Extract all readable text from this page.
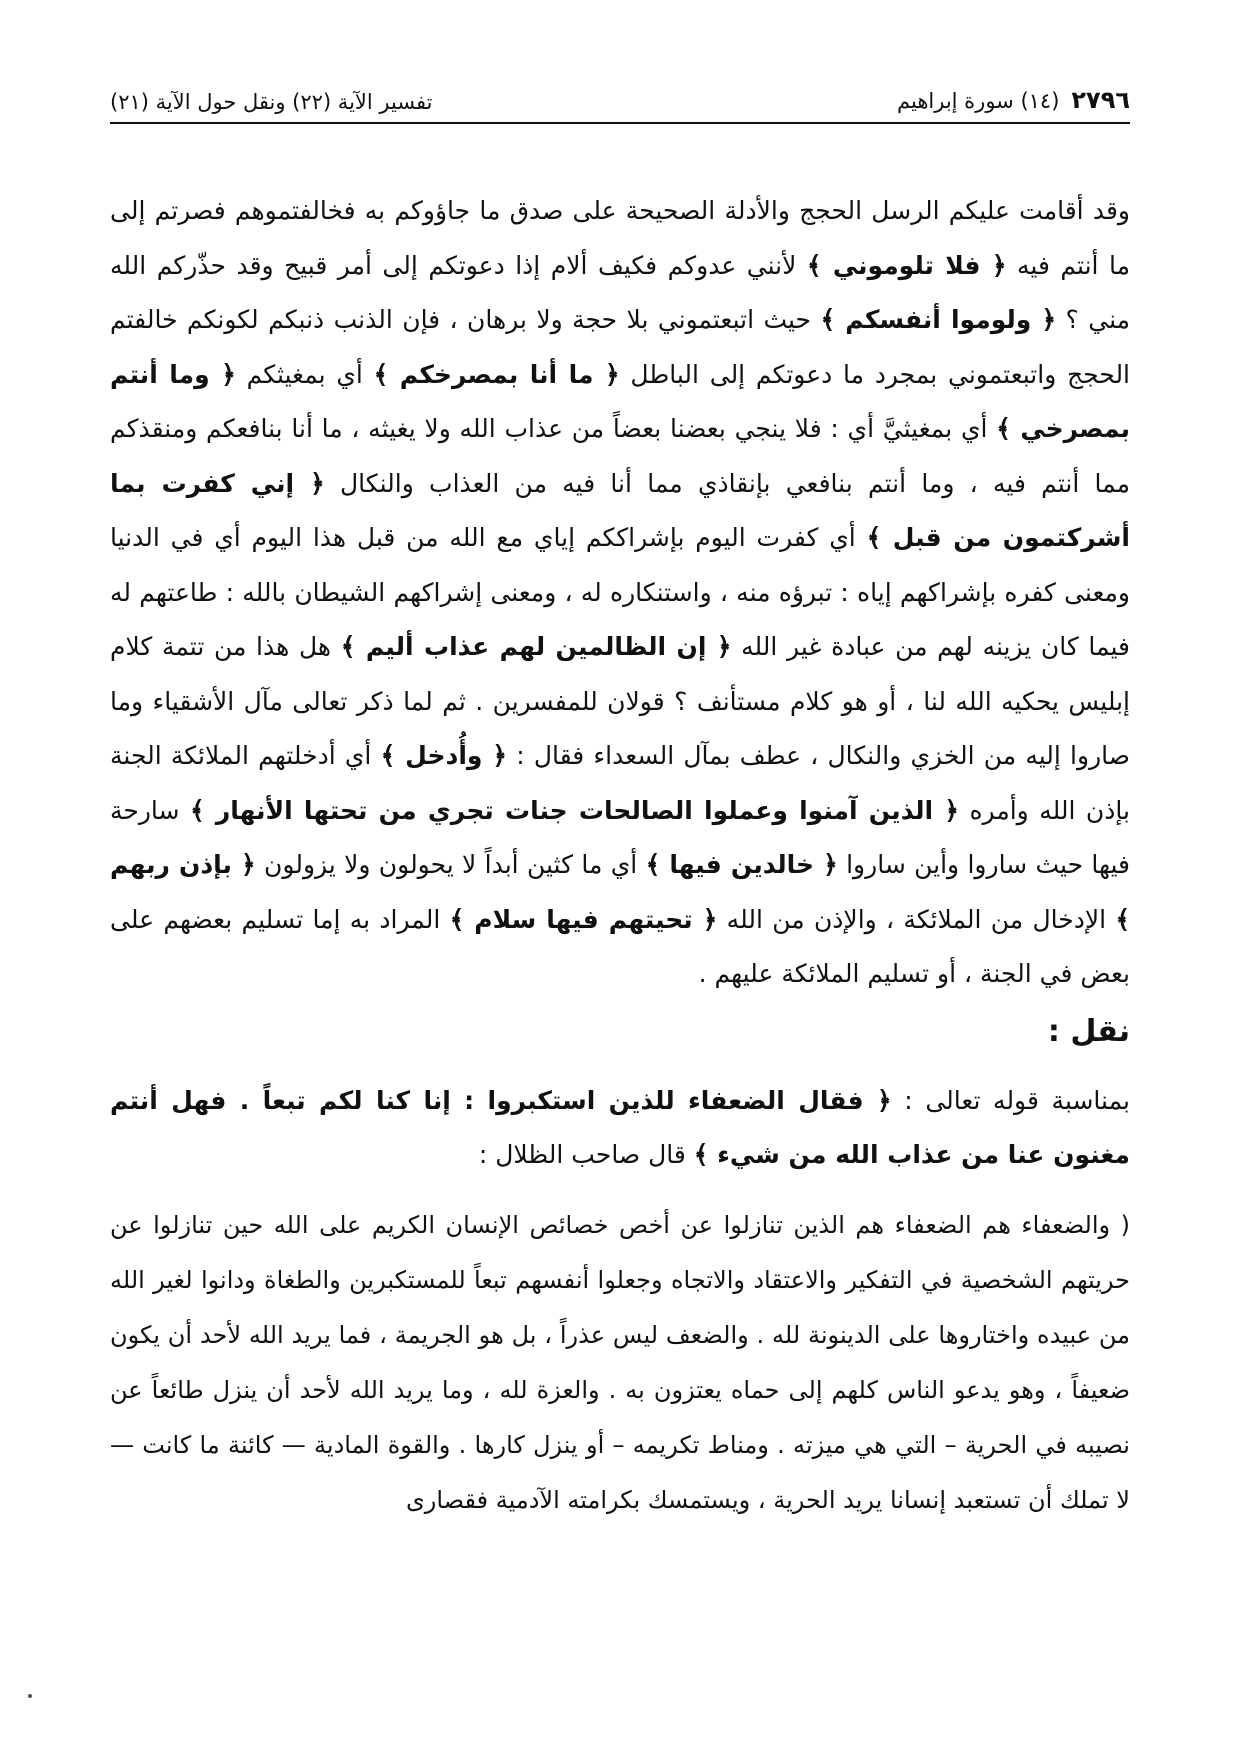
٢٧٩٦
(١٤) سورة إبراهيم
تفسير الآية (٢٢) ونقل حول الآية (٢١)

وقد أقامت عليكم الرسل الحجج والأدلة الصحيحة على صدق ما جاؤوكم به فخالفتموهم فصرتم إلى ما أنتم فيه ﴿ فلا تلوموني ﴾ لأنني عدوكم فكيف ألام إذا دعوتكم إلى أمر قبيح وقد حذّركم الله مني ؟ ﴿ ولوموا أنفسكم ﴾ حيث اتبعتموني بلا حجة ولا برهان ، فإن الذنب ذنبكم لكونكم خالفتم الحجج واتبعتموني بمجرد ما دعوتكم إلى الباطل ﴿ ما أنا بمصرخكم ﴾ أي بمغيثكم ﴿ وما أنتم بمصرخي ﴾ أي بمغيثيَّ أي : فلا ينجي بعضنا بعضاً من عذاب الله ولا يغيثه ، ما أنا بنافعكم ومنقذكم مما أنتم فيه ، وما أنتم بنافعي بإنقاذي مما أنا فيه من العذاب والنكال ﴿ إني كفرت بما أشركتمون من قبل ﴾ أي كفرت اليوم بإشراككم إياي مع الله من قبل هذا اليوم أي في الدنيا ومعنى كفره بإشراكهم إياه : تبرؤه منه ، واستنكاره له ، ومعنى إشراكهم الشيطان بالله : طاعتهم له فيما كان يزينه لهم من عبادة غير الله ﴿ إن الظالمين لهم عذاب أليم ﴾ هل هذا من تتمة كلام إبليس يحكيه الله لنا ، أو هو كلام مستأنف ؟ قولان للمفسرين . ثم لما ذكر تعالى مآل الأشقياء وما صاروا إليه من الخزي والنكال ، عطف بمآل السعداء فقال : ﴿ وأُدخل ﴾ أي أدخلتهم الملائكة الجنة بإذن الله وأمره ﴿ الذين آمنوا وعملوا الصالحات جنات تجري من تحتها الأنهار ﴾ سارحة فيها حيث ساروا وأين ساروا ﴿ خالدين فيها ﴾ أي ما كثين أبداً لا يحولون ولا يزولون ﴿ بإذن ربهم ﴾ الإدخال من الملائكة ، والإذن من الله ﴿ تحيتهم فيها سلام ﴾ المراد به إما تسليم بعضهم على بعض في الجنة ، أو تسليم الملائكة عليهم .

نقل :
بمناسبة قوله تعالى : ﴿ فقال الضعفاء للذين استكبروا : إنا كنا لكم تبعاً . فهل أنتم مغنون عنا من عذاب الله من شيء ﴾ قال صاحب الظلال :
( والضعفاء هم الضعفاء هم الذين تنازلوا عن أخص خصائص الإنسان الكريم على الله حين تنازلوا عن حريتهم الشخصية في التفكير والاعتقاد والاتجاه وجعلوا أنفسهم تبعاً للمستكبرين والطغاة ودانوا لغير الله من عبيده واختاروها على الدينونة لله . والضعف ليس عذراً ، بل هو الجريمة ، فما يريد الله لأحد أن يكون ضعيفاً ، وهو يدعو الناس كلهم إلى حماه يعتزون به . والعزة لله ، وما يريد الله لأحد أن ينزل طائعاً عن نصيبه في الحرية – التي هي ميزته . ومناط تكريمه – أو ينزل كارها . والقوة المادية — كائنة ما كانت — لا تملك أن تستعبد إنسانا يريد الحرية ، ويستمسك بكرامته الآدمية فقصارى
